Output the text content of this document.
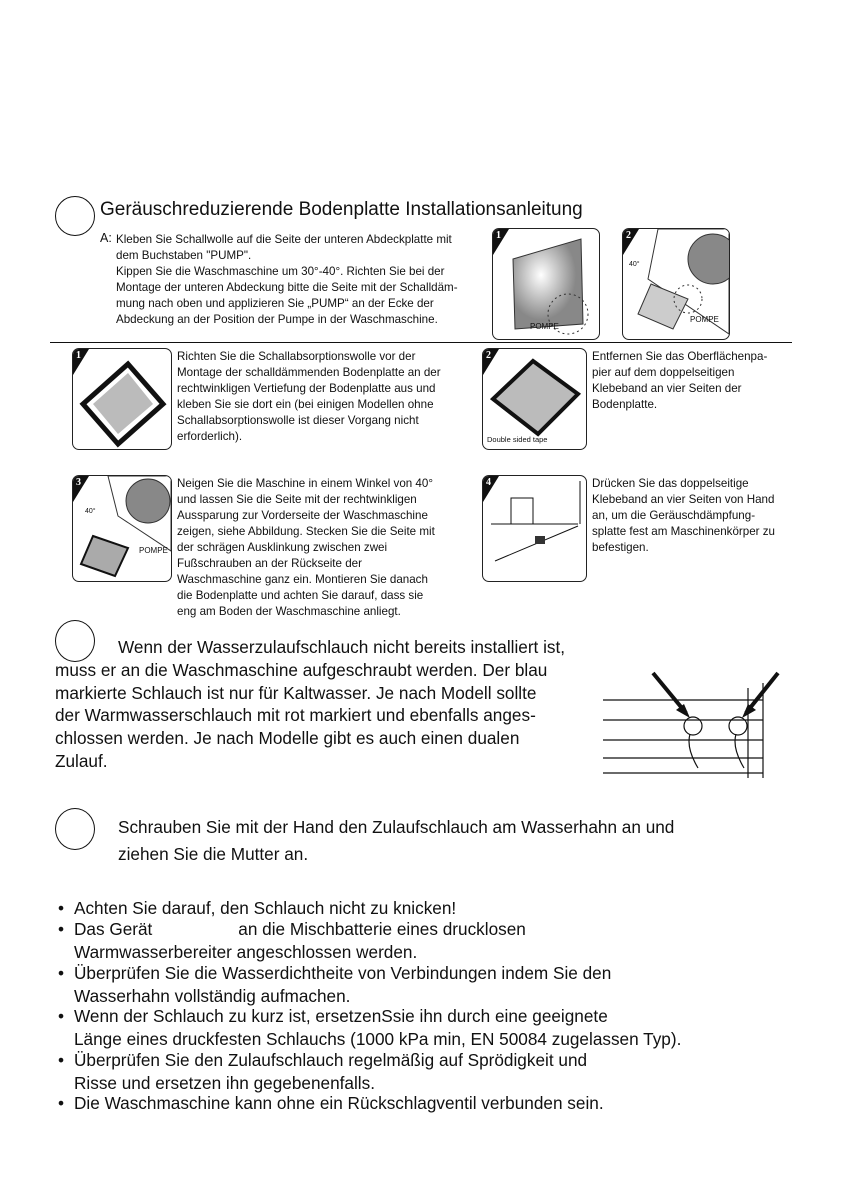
Geräuschreduzierende Bodenplatte Installationsanleitung
A: Kleben Sie Schallwolle auf die Seite der unteren Abdeckplatte mit
dem Buchstaben "PUMP".
Kippen Sie die Waschmaschine um 30°-40°. Richten Sie bei der
Montage der unteren Abdeckung bitte die Seite mit der Schalldäm-
mung nach oben und applizieren Sie „PUMP“ an der Ecke der
Abdeckung an der Position der Pumpe in der Waschmaschine.
1
POMPE
2
40°
POMPE
1	Richten Sie die Schallabsorptionswolle vor der
Montage der schalldämmenden Bodenplatte an der
rechtwinkligen Vertiefung der Bodenplatte aus und
kleben Sie sie dort ein (bei einigen Modellen ohne
Schallabsorptionswolle ist dieser Vorgang nicht
erforderlich).
2
Double sided tape
Entfernen Sie das Oberflächenpa-
pier auf dem doppelseitigen
Klebeband an vier Seiten der
Bodenplatte.
3
40°
POMPE
Neigen Sie die Maschine in einem Winkel von 40°
und lassen Sie die Seite mit der rechtwinkligen
Aussparung zur Vorderseite der Waschmaschine
zeigen, siehe Abbildung. Stecken Sie die Seite mit
der schrägen Ausklinkung zwischen zwei
Fußschrauben an der Rückseite der
Waschmaschine ganz ein. Montieren Sie danach
die Bodenplatte und achten Sie darauf, dass sie
eng am Boden der Waschmaschine anliegt.
4	Drücken Sie das doppelseitige
Klebeband an vier Seiten von Hand
an, um die Geräuschdämpfung-
splatte fest am Maschinenkörper zu
befestigen.
Wenn der Wasserzulaufschlauch nicht bereits installiert ist,
muss er an die Waschmaschine aufgeschraubt werden. Der blau
markierte Schlauch ist nur für Kaltwasser. Je nach Modell sollte
der Warmwasserschlauch mit rot markiert und ebenfalls anges-
chlossen werden. Je nach Modelle gibt es auch einen dualen
Zulauf.
Schrauben Sie mit der Hand den Zulaufschlauch am Wasserhahn an und
ziehen Sie die Mutter an.
• Achten Sie darauf, den Schlauch nicht zu knicken!
• Das Gerät                  an die Mischbatterie eines drucklosen
Warmwasserbereiter angeschlossen werden.
• Überprüfen Sie die Wasserdichtheite von Verbindungen indem Sie den
Wasserhahn vollständig aufmachen.
• Wenn der Schlauch zu kurz ist, ersetzenSsie ihn durch eine geeignete
Länge eines druckfesten Schlauchs (1000 kPa min, EN 50084 zugelassen Typ).
• Überprüfen Sie den Zulaufschlauch regelmäßig auf Sprödigkeit und
Risse und ersetzen ihn gegebenenfalls.
• Die Waschmaschine kann ohne ein Rückschlagventil verbunden sein.
